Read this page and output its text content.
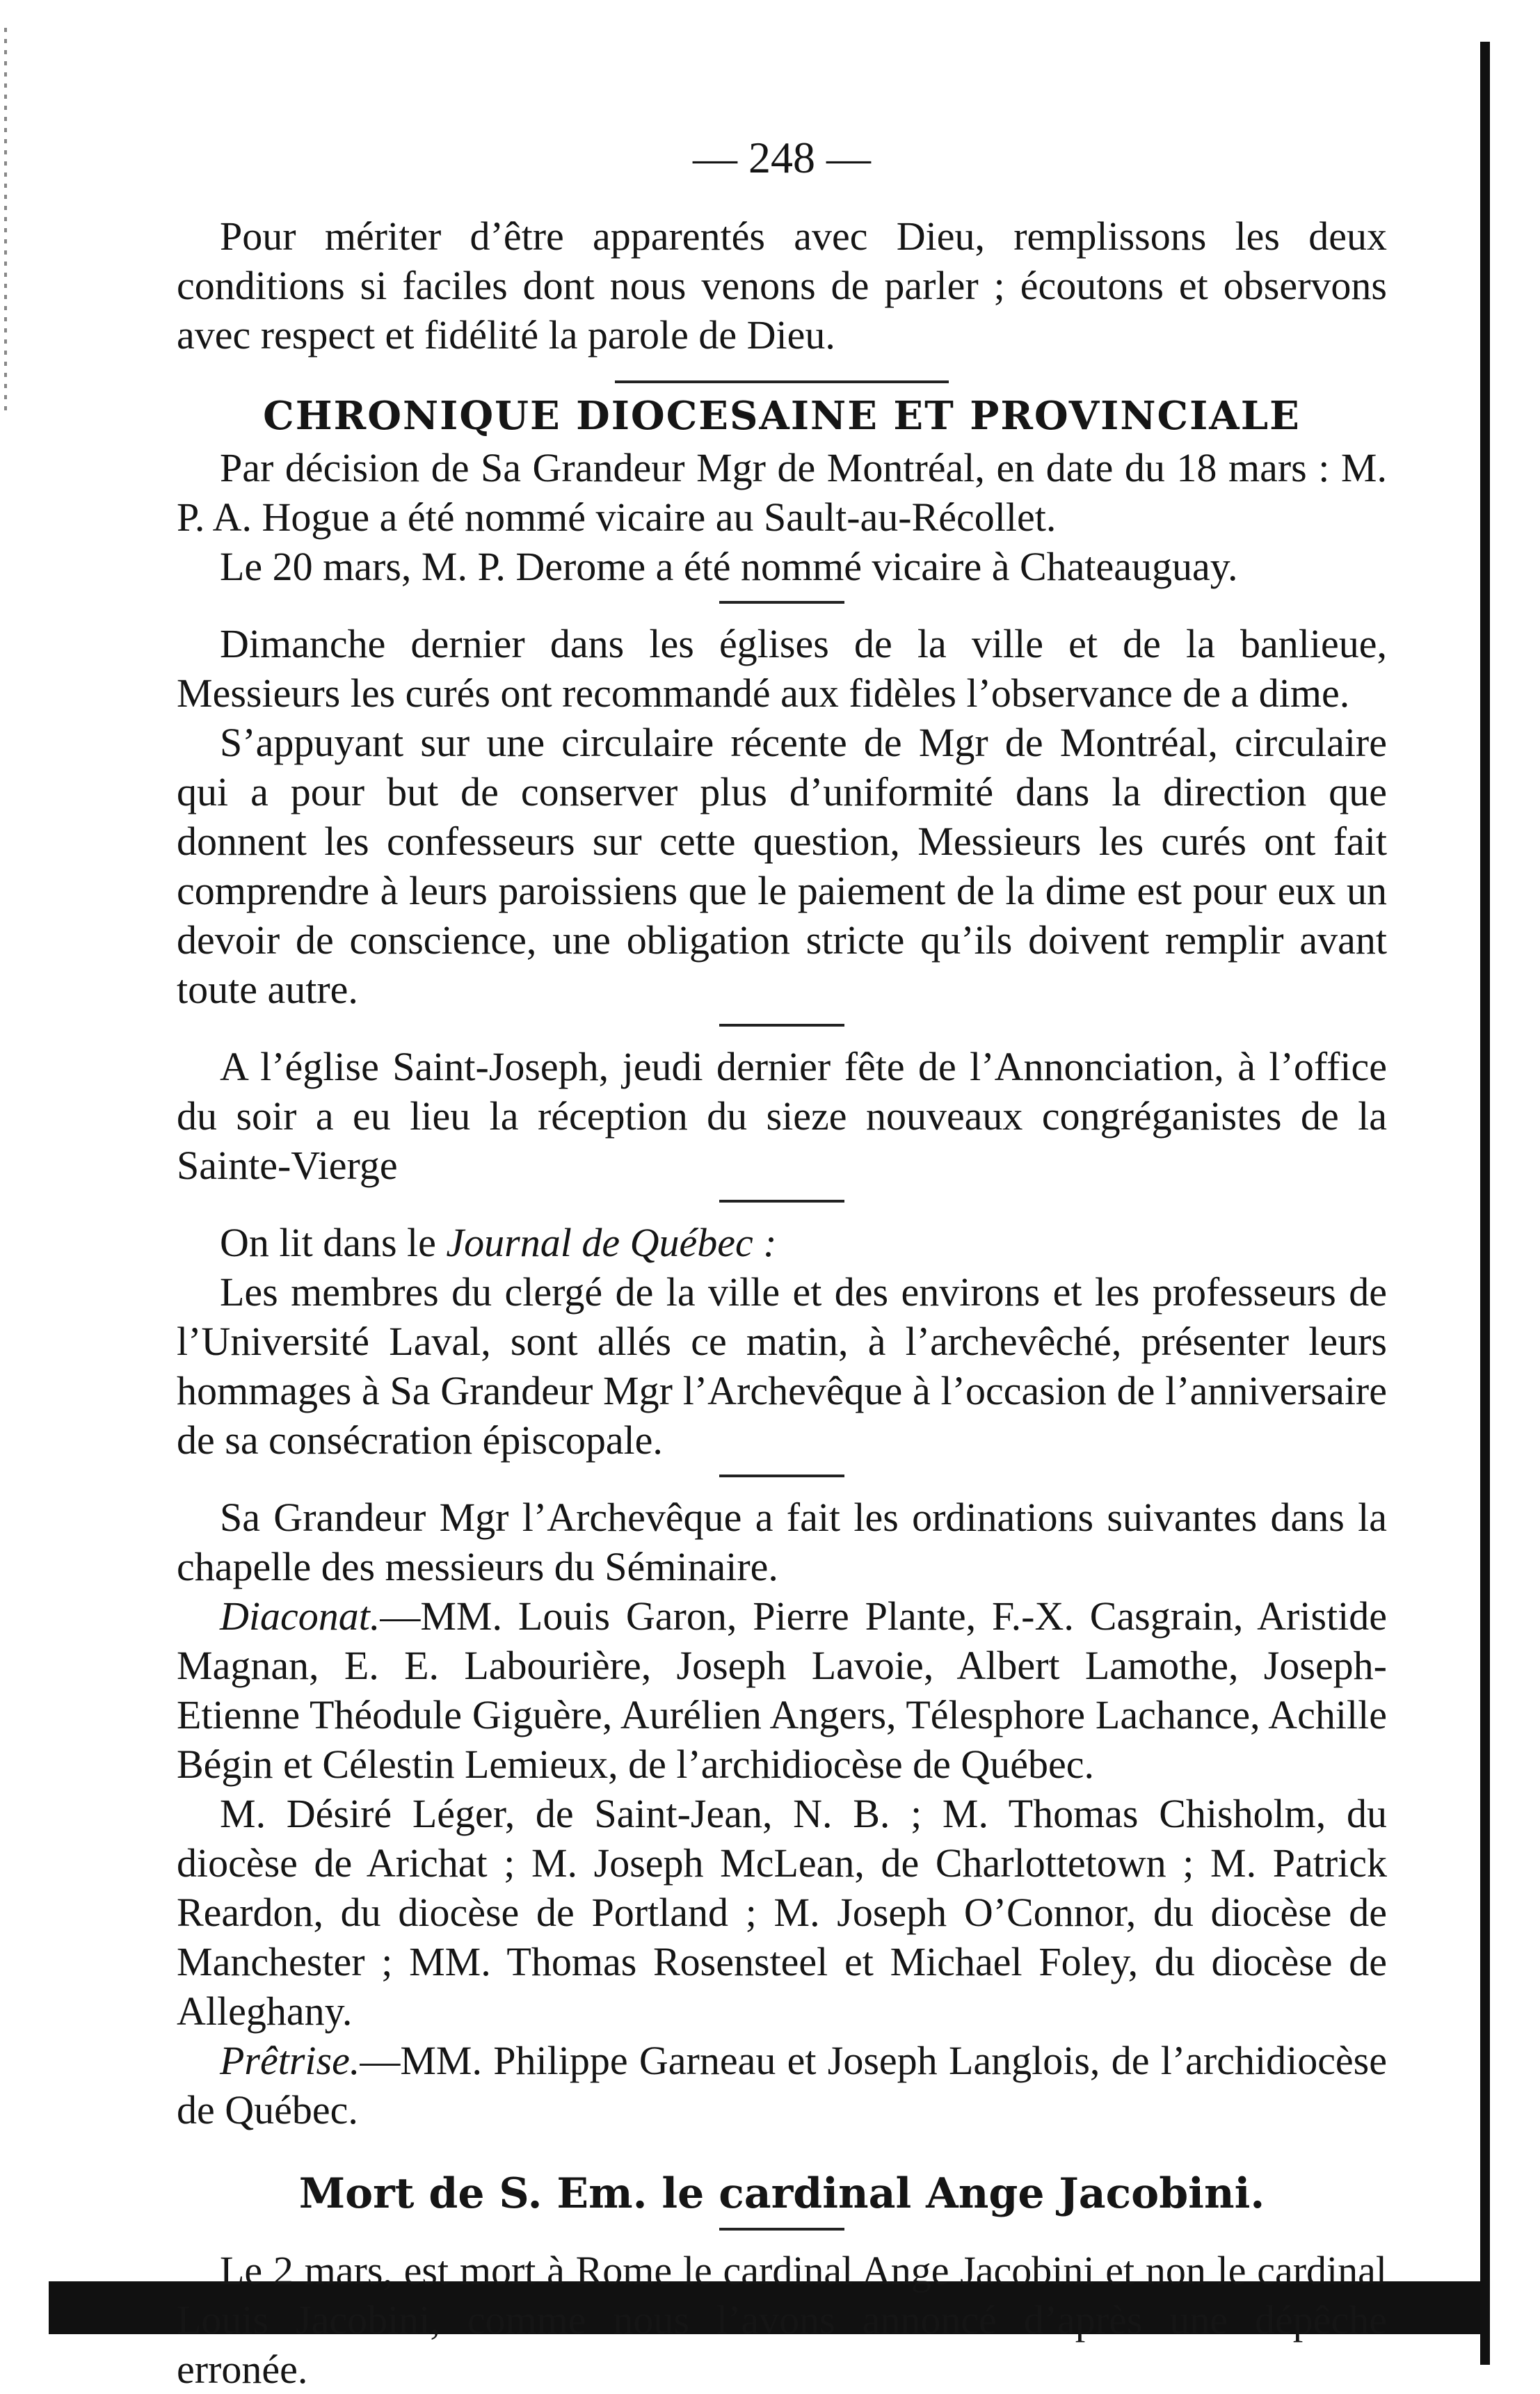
— 248 —

Pour mériter d’être apparentés avec Dieu, remplissons les deux conditions si faciles dont nous venons de parler ; écoutons et observons avec respect et fidélité la parole de Dieu.

CHRONIQUE DIOCESAINE ET PROVINCIALE

Par décision de Sa Grandeur Mgr de Montréal, en date du 18 mars : M. P. A. Hogue a été nommé vicaire au Sault-au-Récollet.

Le 20 mars, M. P. Derome a été nommé vicaire à Chateauguay.

Dimanche dernier dans les églises de la ville et de la banlieue, Messieurs les curés ont recommandé aux fidèles l’observance de a dime.

S’appuyant sur une circulaire récente de Mgr de Montréal, circulaire qui a pour but de conserver plus d’uniformité dans la direction que donnent les confesseurs sur cette question, Messieurs les curés ont fait comprendre à leurs paroissiens que le paiement de la dime est pour eux un devoir de conscience, une obligation stricte qu’ils doivent remplir avant toute autre.

A l’église Saint-Joseph, jeudi dernier fête de l’Annonciation, à l’office du soir a eu lieu la réception du sieze nouveaux congréganistes de la Sainte-Vierge

On lit dans le Journal de Québec :

Les membres du clergé de la ville et des environs et les professeurs de l’Université Laval, sont allés ce matin, à l’archevêché, présenter leurs hommages à Sa Grandeur Mgr l’Archevêque à l’occasion de l’anniversaire de sa consécration épiscopale.

Sa Grandeur Mgr l’Archevêque a fait les ordinations suivantes dans la chapelle des messieurs du Séminaire.

Diaconat.—MM. Louis Garon, Pierre Plante, F.-X. Casgrain, Aristide Magnan, E. E. Labourière, Joseph Lavoie, Albert Lamothe, Joseph-Etienne Théodule Giguère, Aurélien Angers, Télesphore Lachance, Achille Bégin et Célestin Lemieux, de l’archidiocèse de Québec.

M. Désiré Léger, de Saint-Jean, N. B. ; M. Thomas Chisholm, du diocèse de Arichat ; M. Joseph McLean, de Charlottetown ; M. Patrick Reardon, du diocèse de Portland ; M. Joseph O’Connor, du diocèse de Manchester ; MM. Thomas Rosensteel et Michael Foley, du diocèse de Alleghany.

Prêtrise.—MM. Philippe Garneau et Joseph Langlois, de l’archidiocèse de Québec.

Mort de S. Em. le cardinal Ange Jacobini.

Le 2 mars, est mort à Rome le cardinal Ange Jacobini et non le cardinal Louis Jacobini, comme nous l’avons annoncé d’après une dépêche erronée.
